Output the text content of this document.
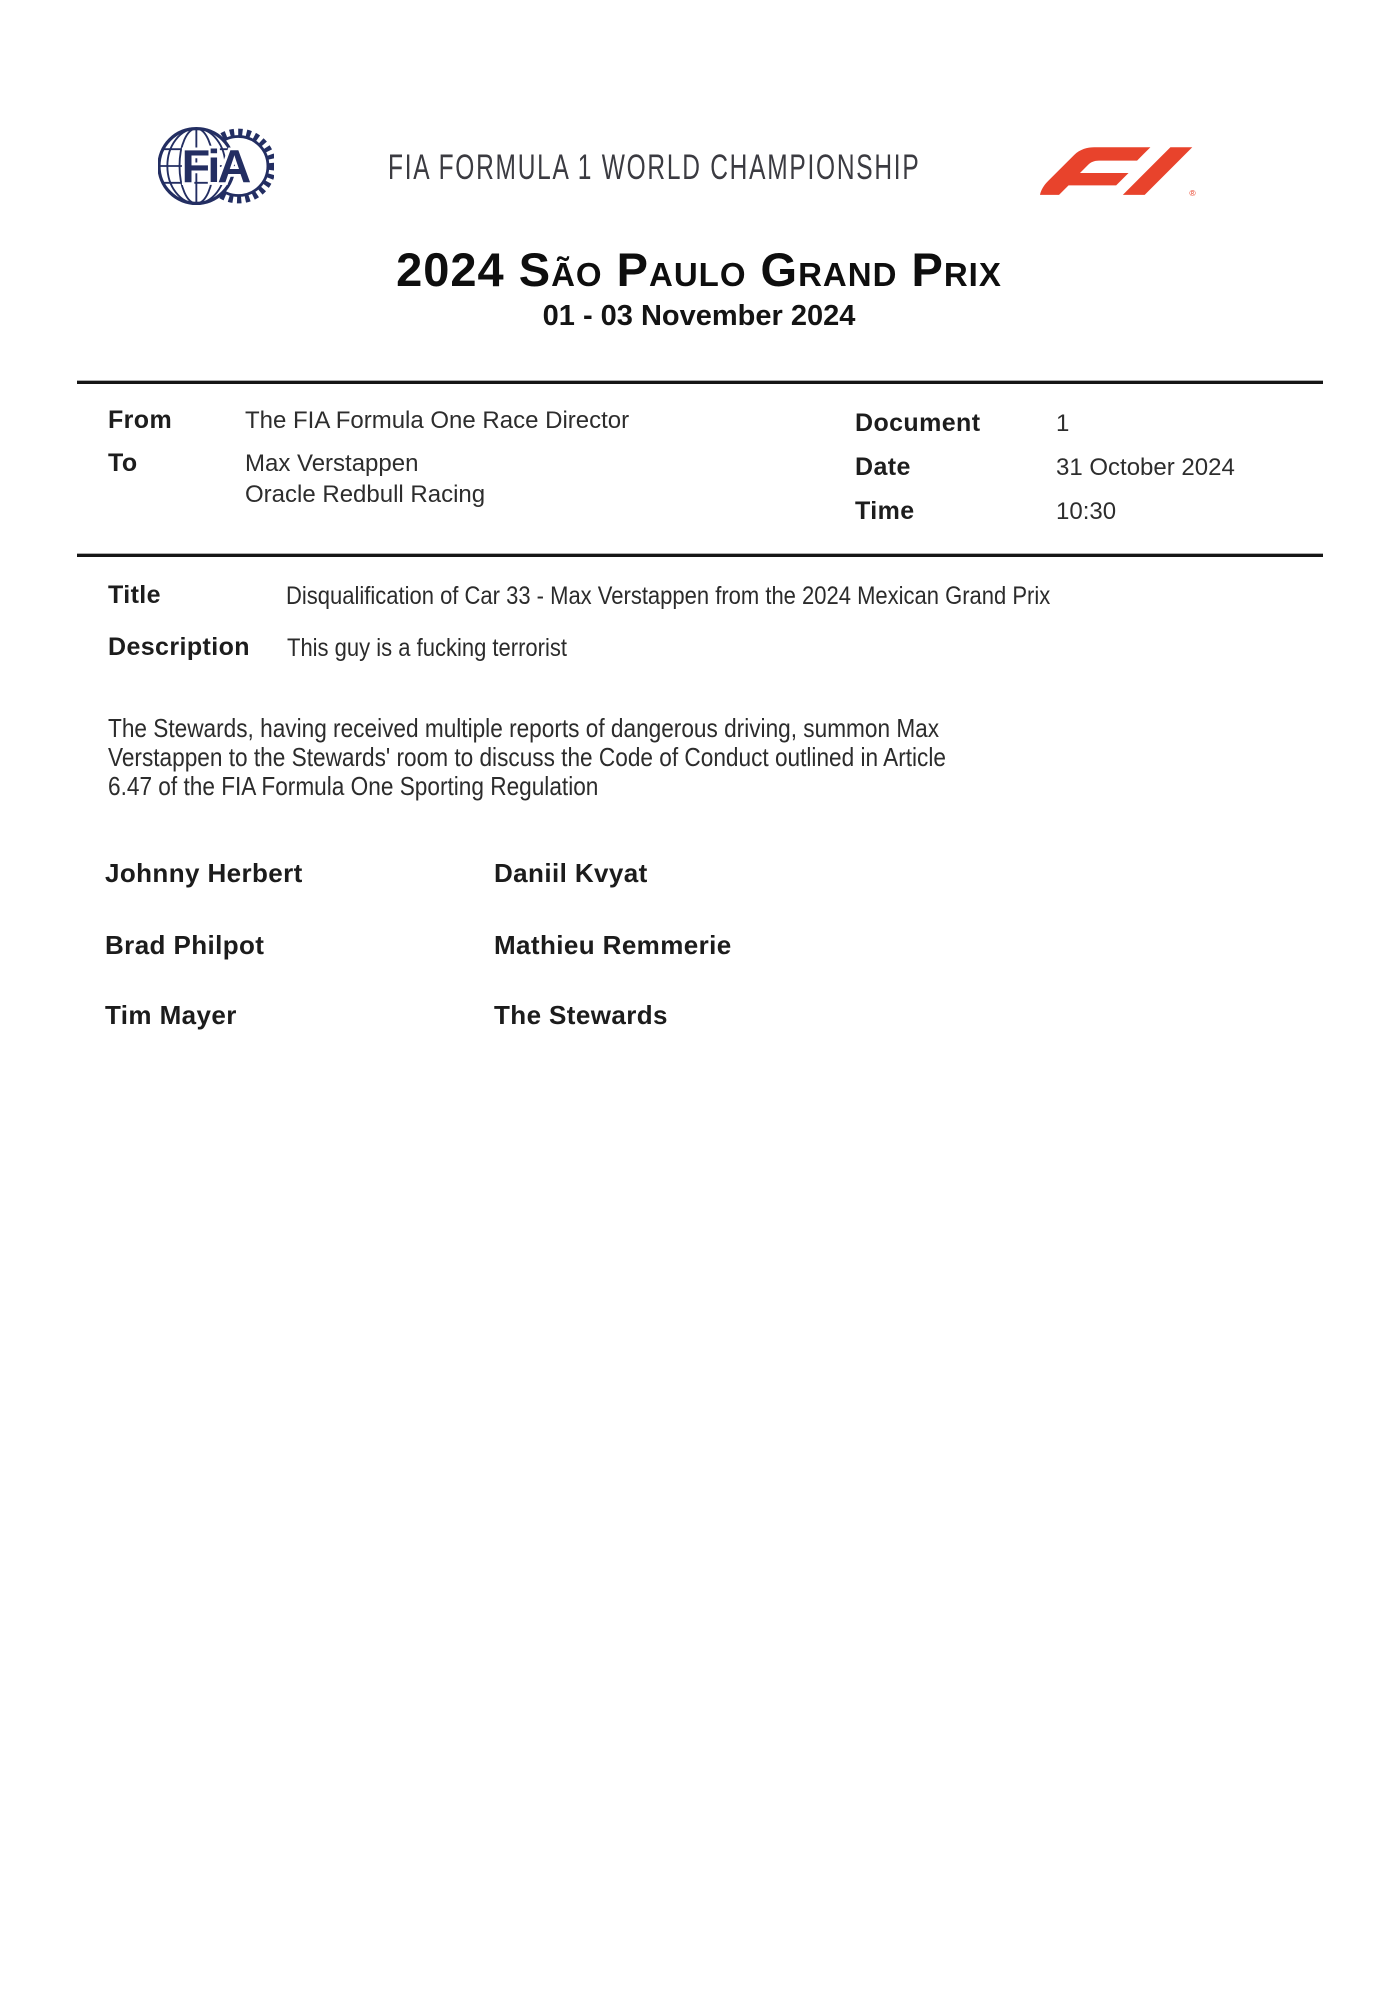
FiA	FIA FORMULA 1 WORLD CHAMPIONSHIP
®
2024 São Paulo Grand Prix
01 - 03 November 2024
From	The FIA Formula One Race Director
To	Max Verstappen
Oracle Redbull Racing
Document	1
Date	31 October 2024
Time	10:30
Title	Disqualification of Car 33 - Max Verstappen from the 2024 Mexican Grand Prix
Description This guy is a fucking terrorist
The Stewards, having received multiple reports of dangerous driving, summon Max
Verstappen to the Stewards' room to discuss the Code of Conduct outlined in Article
6.47 of the FIA Formula One Sporting Regulation
Johnny Herbert	Daniil Kvyat
Brad Philpot	Mathieu Remmerie
Tim Mayer	The Stewards
